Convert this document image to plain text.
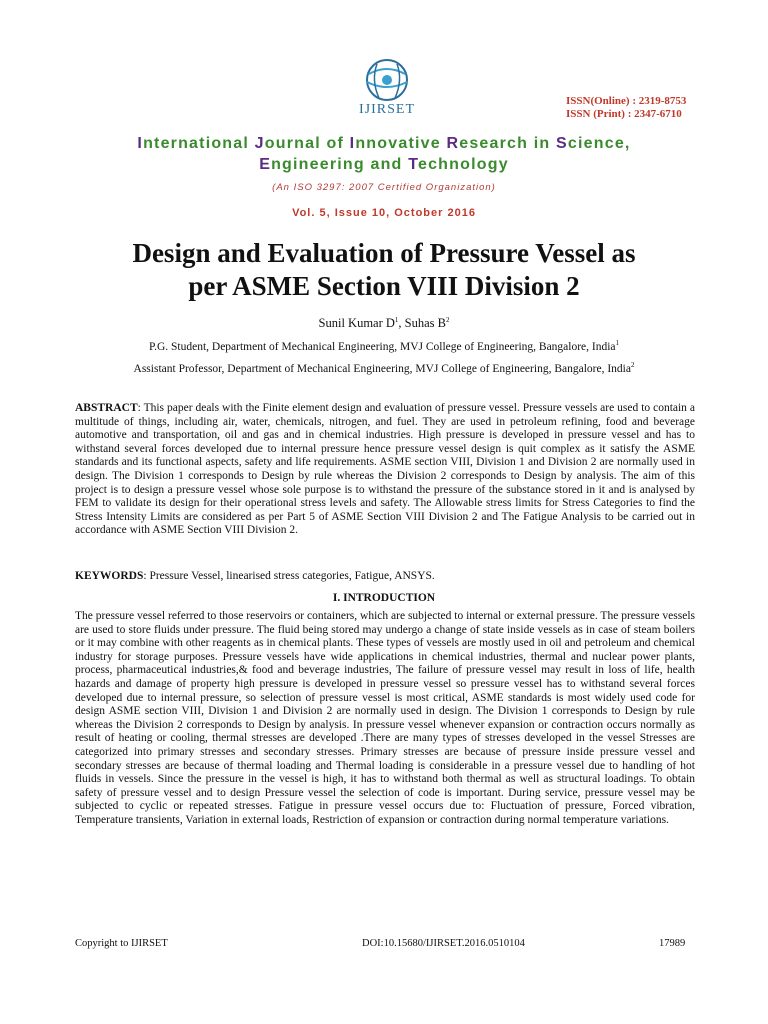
IJIRSET
ISSN(Online) : 2319-8753
ISSN (Print) : 2347-6710
International Journal of Innovative Research in Science,
Engineering and Technology
(An ISO 3297: 2007 Certified Organization)
Vol. 5, Issue 10, October 2016
Design and Evaluation of Pressure Vessel as
per ASME Section VIII Division 2
Sunil Kumar $D^1$, Suhas $B^2$
P.G. Student, Department of Mechanical Engineering, MVJ College of Engineering, Bangalore, India$^1$
Assistant Professor, Department of Mechanical Engineering, MVJ College of Engineering, Bangalore, India$^2$
ABSTRACT: This paper deals with the Finite element design and evaluation of pressure vessel. Pressure vessels are used to contain a multitude of things, including air, water, chemicals, nitrogen, and fuel. They are used in petroleum refining, food and beverage automotive and transportation, oil and gas and in chemical industries. High pressure is developed in pressure vessel and has to withstand several forces developed due to internal pressure hence pressure vessel design is quit complex as it satisfy the ASME standards and its functional aspects, safety and life requirements. ASME section VIII, Division 1 and Division 2 are normally used in design. The Division 1 corresponds to Design by rule whereas the Division 2 corresponds to Design by analysis. The aim of this project is to design a pressure vessel whose sole purpose is to withstand the pressure of the substance stored in it and is analysed by FEM to validate its design for their operational stress levels and safety. The Allowable stress limits for Stress Categories to find the Stress Intensity Limits are considered as per Part 5 of ASME Section VIII Division 2 and The Fatigue Analysis to be carried out in accordance with ASME Section VIII Division 2.
KEYWORDS: Pressure Vessel, linearised stress categories, Fatigue, ANSYS.
I. INTRODUCTION
The pressure vessel referred to those reservoirs or containers, which are subjected to internal or external pressure. The pressure vessels are used to store fluids under pressure. The fluid being stored may undergo a change of state inside vessels as in case of steam boilers or it may combine with other reagents as in chemical plants. These types of vessels are mostly used in oil and petroleum and chemical industry for storage purposes. Pressure vessels have wide applications in chemical industries, thermal and nuclear power plants, process, pharmaceutical industries,& food and beverage industries, The failure of pressure vessel may result in loss of life, health hazards and damage of property high pressure is developed in pressure vessel so pressure vessel has to withstand several forces developed due to internal pressure, so selection of pressure vessel is most critical, ASME standards is most widely used code for design ASME section VIII, Division 1 and Division 2 are normally used in design. The Division 1 corresponds to Design by rule whereas the Division 2 corresponds to Design by analysis. In pressure vessel whenever expansion or contraction occurs normally as result of heating or cooling, thermal stresses are developed .There are many types of stresses developed in the vessel Stresses are categorized into primary stresses and secondary stresses. Primary stresses are because of pressure inside pressure vessel and secondary stresses are because of thermal loading and Thermal loading is considerable in a pressure vessel due to handling of hot fluids in vessels. Since the pressure in the vessel is high, it has to withstand both thermal as well as structural loadings. To obtain safety of pressure vessel and to design Pressure vessel the selection of code is important. During service, pressure vessel may be subjected to cyclic or repeated stresses. Fatigue in pressure vessel occurs due to: Fluctuation of pressure, Forced vibration, Temperature transients, Variation in external loads, Restriction of expansion or contraction during normal temperature variations.
Copyright to IJIRSET	DOI:10.15680/IJIRSET.2016.0510104	17989
